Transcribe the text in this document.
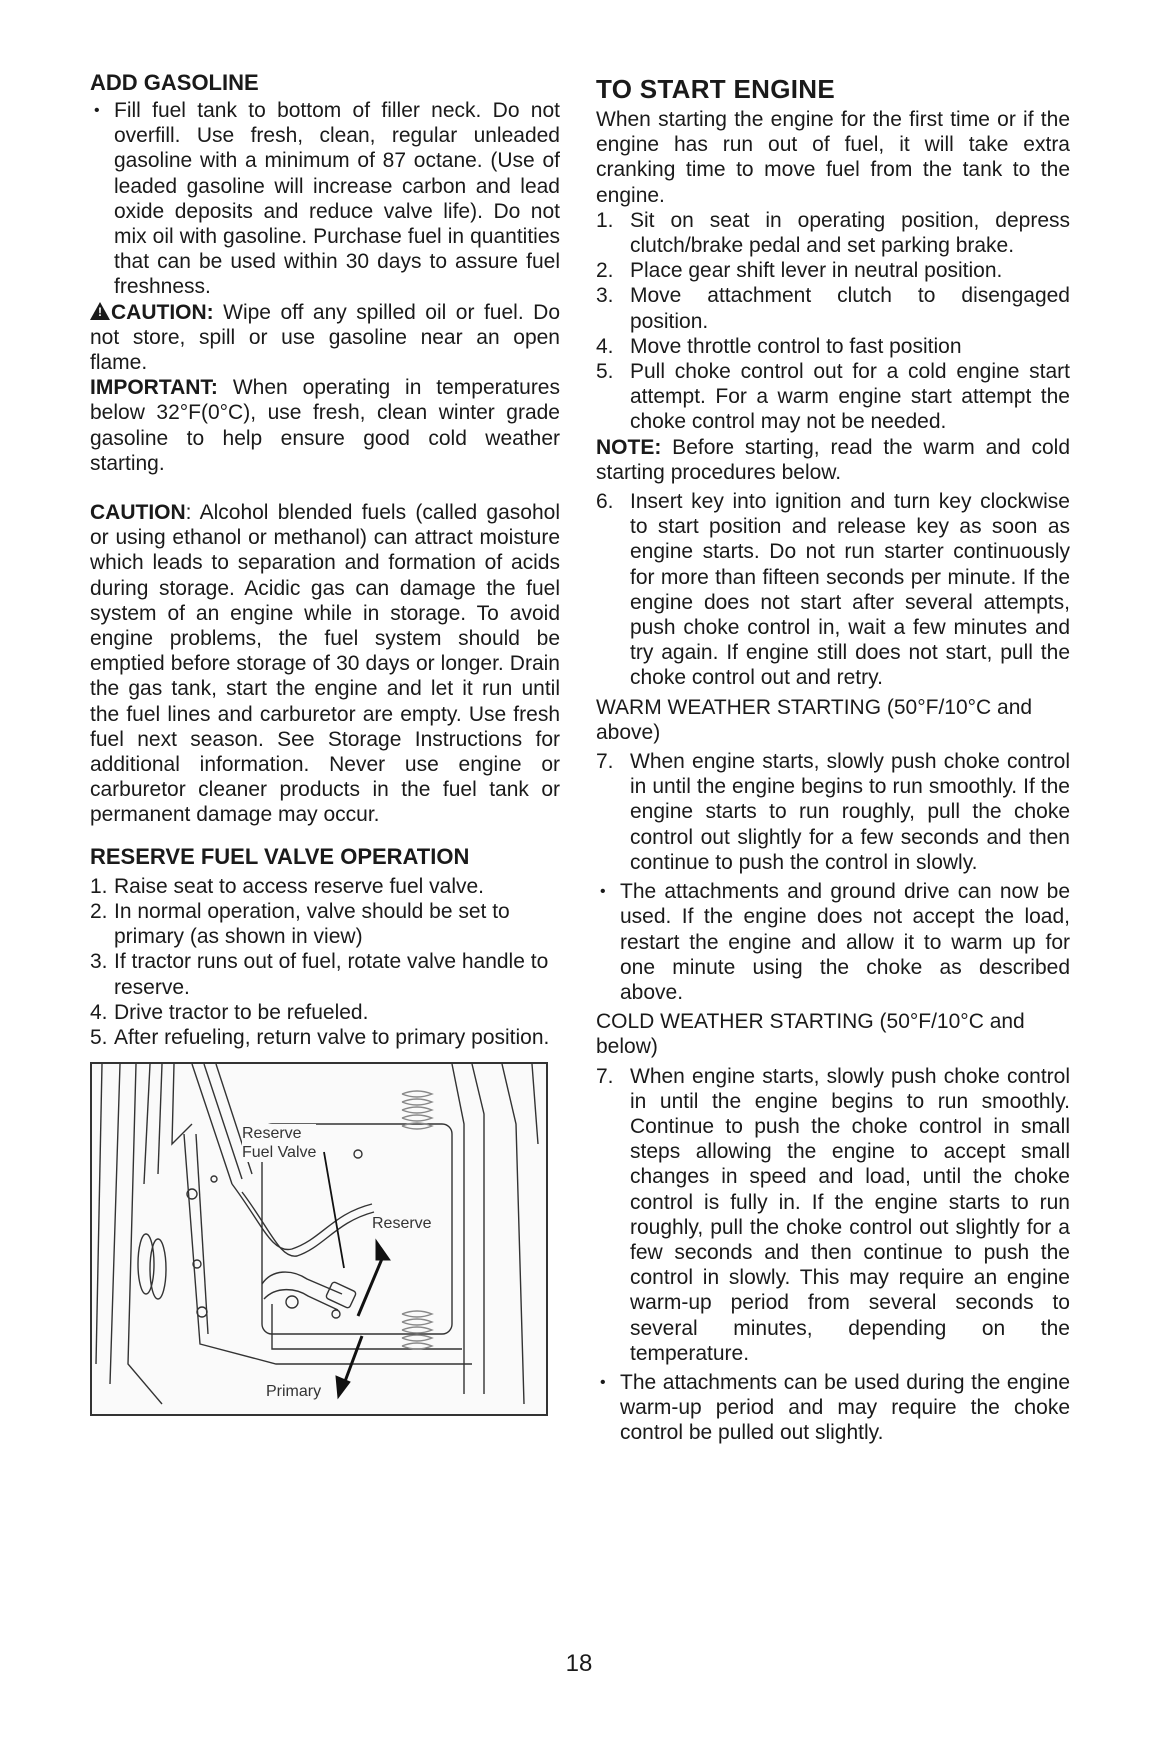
ADD GASOLINE
• Fill fuel tank to bottom of filler neck. Do not overfill. Use fresh, clean, regular unleaded gasoline with a minimum of 87 octane. (Use of leaded gasoline will increase carbon and lead oxide deposits and reduce valve life). Do not mix oil with gasoline. Purchase fuel in quantities that can be used within 30 days to assure fuel freshness.

! CAUTION: Wipe off any spilled oil or fuel. Do not store, spill or use gasoline near an open flame.

IMPORTANT: When operating in temperatures below 32°F(0°C), use fresh, clean winter grade gasoline to help ensure good cold weather starting.

CAUTION: Alcohol blended fuels (called gasohol or using ethanol or methanol) can attract moisture which leads to separation and formation of acids during storage. Acidic gas can damage the fuel system of an engine while in storage. To avoid engine problems, the fuel system should be emptied before storage of 30 days or longer. Drain the gas tank, start the engine and let it run until the fuel lines and carburetor are empty. Use fresh fuel next season. See Storage Instructions for additional information. Never use engine or carburetor cleaner products in the fuel tank or permanent damage may occur.

RESERVE FUEL VALVE OPERATION
1. Raise seat to access reserve fuel valve.
2. In normal operation, valve should be set to primary (as shown in view)
3. If tractor runs out of fuel, rotate valve handle to reserve.
4. Drive tractor to be refueled.
5. After refueling, return valve to primary position.
Reserve
Fuel Valve
Reserve
Primary
TO START ENGINE

When starting the engine for the first time or if the engine has run out of fuel, it will take extra cranking time to move fuel from the tank to the engine.

1. Sit on seat in operating position, depress clutch/brake pedal and set parking brake.
2. Place gear shift lever in neutral position.
3. Move attachment clutch to disengaged position.
4. Move throttle control to fast position
5. Pull choke control out for a cold engine start attempt. For a warm engine start attempt the choke control may not be needed.

NOTE: Before starting, read the warm and cold starting procedures below.

6. Insert key into ignition and turn key clockwise to start position and release key as soon as engine starts. Do not run starter continuously for more than fifteen seconds per minute. If the engine does not start after several attempts, push choke control in, wait a few minutes and try again. If engine still does not start, pull the choke control out and retry.

WARM WEATHER STARTING (50°F/10°C and above)

7. When engine starts, slowly push choke control in until the engine begins to run smoothly. If the engine starts to run roughly, pull the choke control out slightly for a few seconds and then continue to push the control in slowly.
• The attachments and ground drive can now be used. If the engine does not accept the load, restart the engine and allow it to warm up for one minute using the choke as described above.

COLD WEATHER STARTING (50°F/10°C and below)

7. When engine starts, slowly push choke control in until the engine begins to run smoothly. Continue to push the choke control in small steps allowing the engine to accept small changes in speed and load, until the choke control is fully in. If the engine starts to run roughly, pull the choke control out slightly for a few seconds and then continue to push the control in slowly. This may require an engine warm-up period from several seconds to several minutes, depending on the temperature.
• The attachments can be used during the engine warm-up period and may require the choke control be pulled out slightly.
18
